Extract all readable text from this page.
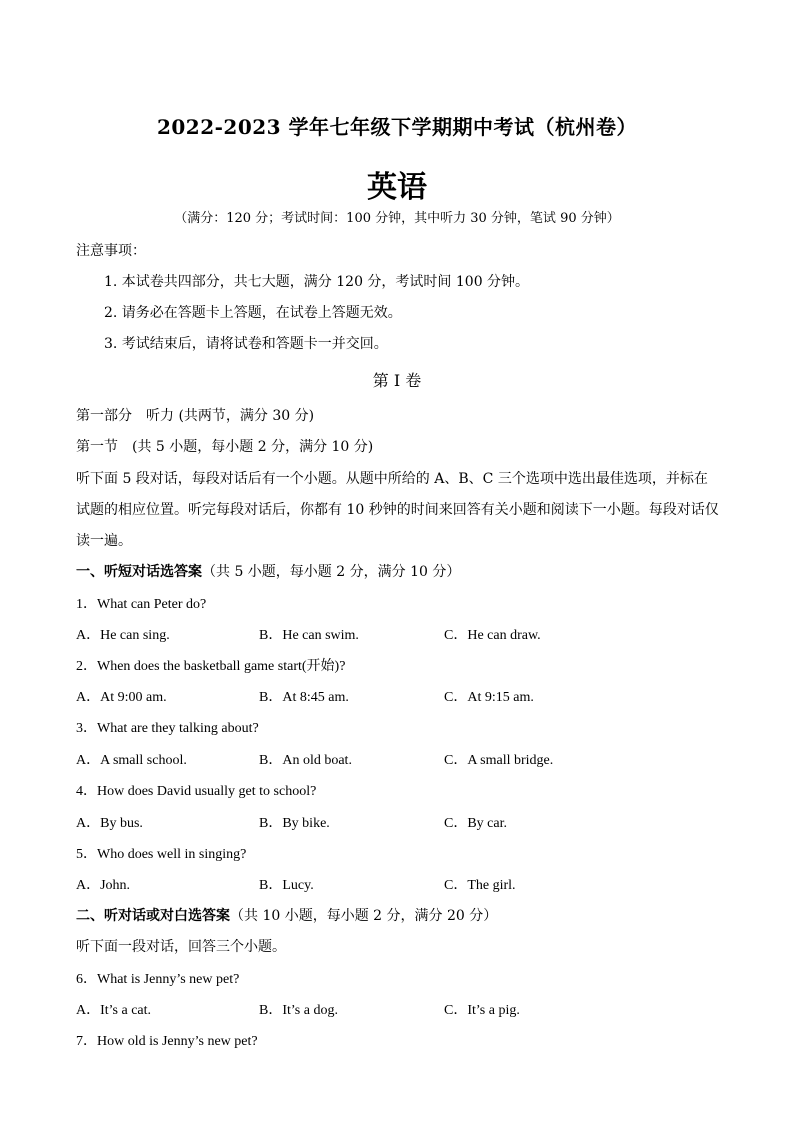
2022-2023 学年七年级下学期期中考试（杭州卷）
英语
（满分：120 分；考试时间：100 分钟，其中听力 30 分钟，笔试 90 分钟）
注意事项：
1. 本试卷共四部分，共七大题，满分 120 分，考试时间 100 分钟。
2. 请务必在答题卡上答题，在试卷上答题无效。
3. 考试结束后，请将试卷和答题卡一并交回。
第 I 卷
第一部分　听力 (共两节，满分 30 分)
第一节　(共 5 小题，每小题 2 分，满分 10 分)
听下面 5 段对话，每段对话后有一个小题。从题中所给的 A、B、C 三个选项中选出最佳选项，并标在
试题的相应位置。听完每段对话后，你都有 10 秒钟的时间来回答有关小题和阅读下一小题。每段对话仅
读一遍。
一、听短对话选答案（共 5 小题，每小题 2 分，满分 10 分）
1．What can Peter do?
A．He can sing.	B．He can swim.	C．He can draw.
2．When does the basketball game start(开始)?
A．At 9:00 am.	B．At 8:45 am.	C．At 9:15 am.
3．What are they talking about?
A．A small school.	B．An old boat.	C．A small bridge.
4．How does David usually get to school?
A．By bus.	B．By bike.	C．By car.
5．Who does well in singing?
A．John.	B．Lucy.	C．The girl.
二、听对话或对白选答案（共 10 小题，每小题 2 分，满分 20 分）
听下面一段对话，回答三个小题。
6．What is Jenny’s new pet?
A．It’s a cat.	B．It’s a dog.	C．It’s a pig.
7．How old is Jenny’s new pet?
